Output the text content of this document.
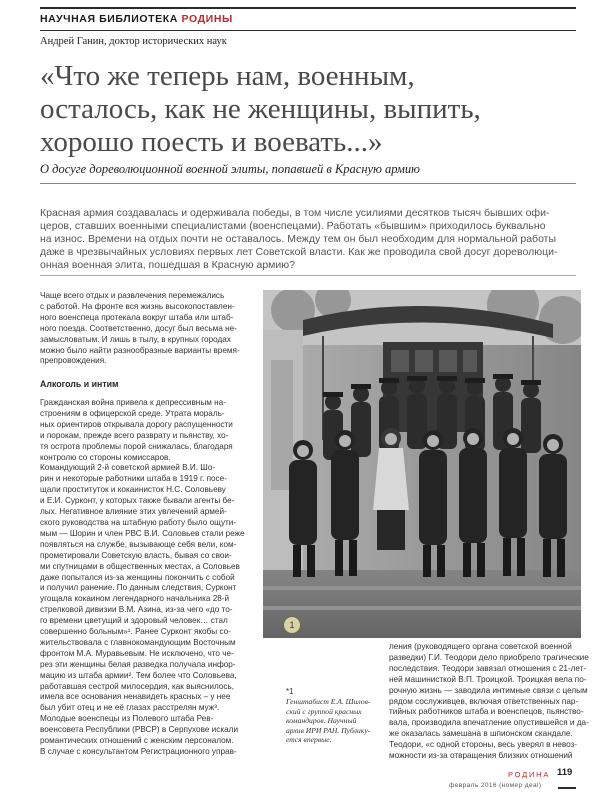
НАУЧНАЯ БИБЛИОТЕКА РОДИНЫ
Андрей Ганин, доктор исторических наук
«Что же теперь нам, военным,
осталось, как не женщины, выпить,
хорошо поесть и воевать...»
О досуге дореволюционной военной элиты, попавшей в Красную армию
Красная армия создавалась и одерживала победы, в том числе усилиями десятков тысяч бывших офи-
церов, ставших военными специалистами (военспецами). Работать «бывшим» приходилось буквально
на износ. Времени на отдых почти не оставалось. Между тем он был необходим для нормальной работы
даже в чрезвычайных условиях первых лет Советской власти. Как же проводила свой досуг дореволюци-
онная военная элита, пошедшая в Красную армию?
Чаще всего отдых и развлечения перемежались
с работой. На фронте вся жизнь высокопоставлен-
ного военспеца протекала вокруг штаба или штаб-
ного поезда. Соответственно, досуг был весьма не-
замысловатым. И лишь в тылу, в крупных городах
можно было найти разнообразные варианты время-
препровождения.
Алкоголь и интим
Гражданская война привела к депрессивным на-
строениям в офицерской среде. Утрата мораль-
ных ориентиров открывала дорогу распущенности
и порокам, прежде всего разврату и пьянству, хо-
тя острота проблемы порой снижалась, благодаря
контролю со стороны комиссаров.
Командующий 2-й советской армией В.И. Шо-
рин и некоторые работники штаба в 1919 г. посе-
щали проституток и кокаинисток Н.С. Соловьеву
и Е.И. Сурконт, у которых также бывали агенты бе-
лых. Негативное влияние этих увлечений армей-
ского руководства на штабную работу было ощути-
мым — Шорин и член РВС В.И. Соловьев стали реже
появляться на службе, вызывающе себя вели, ком-
прометировали Советскую власть, бывая со свои-
ми спутницами в общественных местах, а Соловьев
даже попытался из-за женщины покончить с собой
и получил ранение. По данным следствия, Сурконт
угощала кокаином легендарного начальника 28-й
стрелковой дивизии В.М. Азина, из-за чего «до то-
го времени цветущий и здоровый человек… стал
совершенно больным»¹. Ранее Сурконт якобы со-
жительствовала с главнокомандующим Восточным
фронтом М.А. Муравьевым. Не исключено, что че-
рез эти женщины белая разведка получала инфор-
мацию из штаба армии². Тем более что Соловьева,
работавшая сестрой милосердия, как выяснилось,
имела все основания ненавидеть красных – у нее
был убит отец и не её глазах расстрелян муж³.
Молодые военспецы из Полевого штаба Рев-
военсовета Республики (РВСР) в Серпухове искали
романтических отношений с женским персоналом.
В случае с консультантом Регистрационного управ-
1
*1
Генштабист Е.А. Шилов-
ский с группой красных
командиров. Научный
архив ИРИ РАН. Публику-
ется впервые.
ления (руководящего органа советской военной
разведки) Г.И. Теодори дело приобрело трагические
последствия. Теодори завязал отношения с 21-лет-
ней машинисткой В.П. Троицкой. Троицкая вела по-
рочную жизнь — заводила интимные связи с целым
рядом сослуживцев, включая ответственных пар-
тийных работников штаба и военспецов, пьянство-
вала, производила впечатление опустившейся и да-
же оказалась замешана в шпионском скандале.
Теодори, «с одной стороны, весь уверял в невоз-
можности из-за отвращения близких отношений
РОДИНА 119
февраль 2016 (номер дeal)
